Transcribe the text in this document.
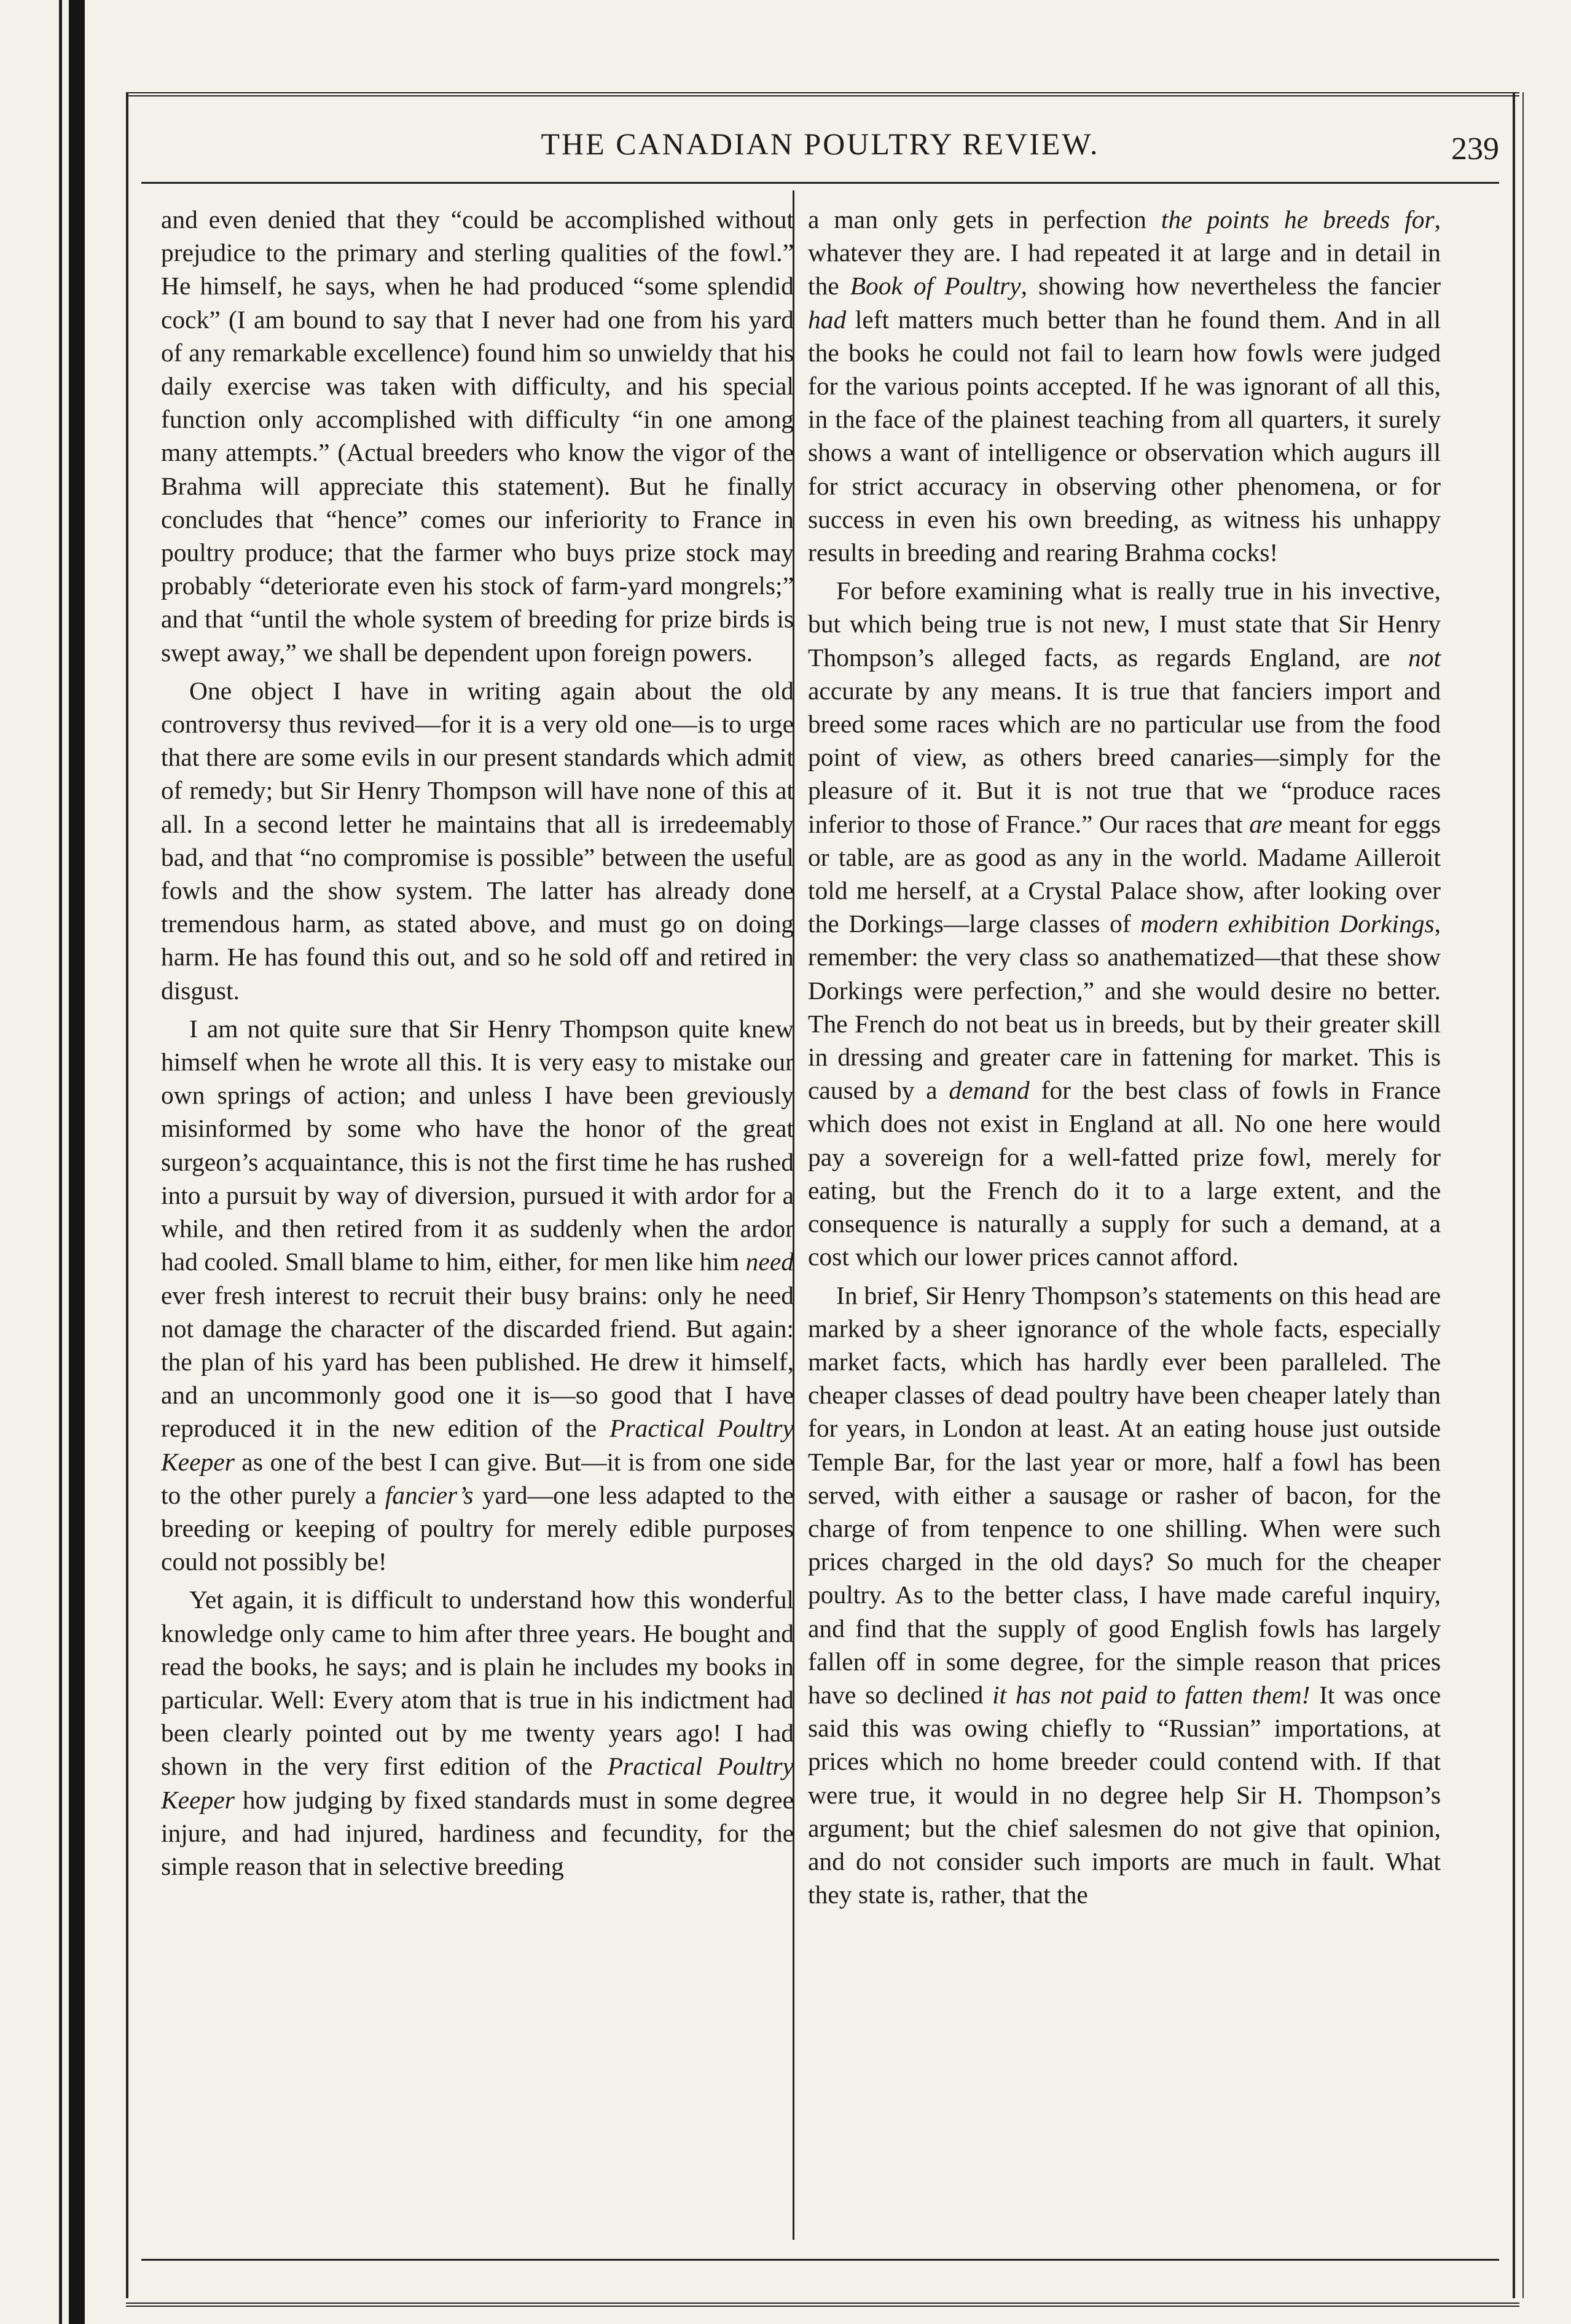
THE CANADIAN POULTRY REVIEW.	239

and even denied that they “could be accomplished without prejudice to the primary and sterling qualities of the fowl.” He himself, he says, when he had produced “some splendid cock” (I am bound to say that I never had one from his yard of any remarkable excellence) found him so unwieldy that his daily exercise was taken with difficulty, and his special function only accomplished with difficulty “in one among many attempts.” (Actual breeders who know the vigor of the Brahma will appreciate this statement). But he finally concludes that “hence” comes our inferiority to France in poultry produce; that the farmer who buys prize stock may probably “deteriorate even his stock of farm-yard mongrels;” and that “until the whole system of breeding for prize birds is swept away,” we shall be dependent upon foreign powers.

One object I have in writing again about the old controversy thus revived—for it is a very old one—is to urge that there are some evils in our present standards which admit of remedy; but Sir Henry Thompson will have none of this at all. In a second letter he maintains that all is irredeemably bad, and that “no compromise is possible” between the useful fowls and the show system. The latter has already done tremendous harm, as stated above, and must go on doing harm. He has found this out, and so he sold off and retired in disgust.

I am not quite sure that Sir Henry Thompson quite knew himself when he wrote all this. It is very easy to mistake our own springs of action; and unless I have been greviously misinformed by some who have the honor of the great surgeon’s acquaintance, this is not the first time he has rushed into a pursuit by way of diversion, pursued it with ardor for a while, and then retired from it as suddenly when the ardor had cooled. Small blame to him, either, for men like him need ever fresh interest to recruit their busy brains: only he need not damage the character of the discarded friend. But again: the plan of his yard has been published. He drew it himself, and an uncommonly good one it is—so good that I have reproduced it in the new edition of the Practical Poultry Keeper as one of the best I can give. But—it is from one side to the other purely a fancier’s yard—one less adapted to the breeding or keeping of poultry for merely edible purposes could not possibly be!

Yet again, it is difficult to understand how this wonderful knowledge only came to him after three years. He bought and read the books, he says; and is plain he includes my books in particular. Well: Every atom that is true in his indictment had been clearly pointed out by me twenty years ago! I had shown in the very first edition of the Practical Poultry Keeper how judging by fixed standards must in some degree injure, and had injured, hardiness and fecundity, for the simple reason that in selective breeding

a man only gets in perfection the points he breeds for, whatever they are. I had repeated it at large and in detail in the Book of Poultry, showing how nevertheless the fancier had left matters much better than he found them. And in all the books he could not fail to learn how fowls were judged for the various points accepted. If he was ignorant of all this, in the face of the plainest teaching from all quarters, it surely shows a want of intelligence or observation which augurs ill for strict accuracy in observing other phenomena, or for success in even his own breeding, as witness his unhappy results in breeding and rearing Brahma cocks!

For before examining what is really true in his invective, but which being true is not new, I must state that Sir Henry Thompson’s alleged facts, as regards England, are not accurate by any means. It is true that fanciers import and breed some races which are no particular use from the food point of view, as others breed canaries—simply for the pleasure of it. But it is not true that we “produce races inferior to those of France.” Our races that are meant for eggs or table, are as good as any in the world. Madame Ailleroit told me herself, at a Crystal Palace show, after looking over the Dorkings—large classes of modern exhibition Dorkings, remember: the very class so anathematized—that these show Dorkings were perfection,” and she would desire no better. The French do not beat us in breeds, but by their greater skill in dressing and greater care in fattening for market. This is caused by a demand for the best class of fowls in France which does not exist in England at all. No one here would pay a sovereign for a well-fatted prize fowl, merely for eating, but the French do it to a large extent, and the consequence is naturally a supply for such a demand, at a cost which our lower prices cannot afford.

In brief, Sir Henry Thompson’s statements on this head are marked by a sheer ignorance of the whole facts, especially market facts, which has hardly ever been paralleled. The cheaper classes of dead poultry have been cheaper lately than for years, in London at least. At an eating house just outside Temple Bar, for the last year or more, half a fowl has been served, with either a sausage or rasher of bacon, for the charge of from tenpence to one shilling. When were such prices charged in the old days? So much for the cheaper poultry. As to the better class, I have made careful inquiry, and find that the supply of good English fowls has largely fallen off in some degree, for the simple reason that prices have so declined it has not paid to fatten them! It was once said this was owing chiefly to “Russian” importations, at prices which no home breeder could contend with. If that were true, it would in no degree help Sir H. Thompson’s argument; but the chief salesmen do not give that opinion, and do not consider such imports are much in fault. What they state is, rather, that the
